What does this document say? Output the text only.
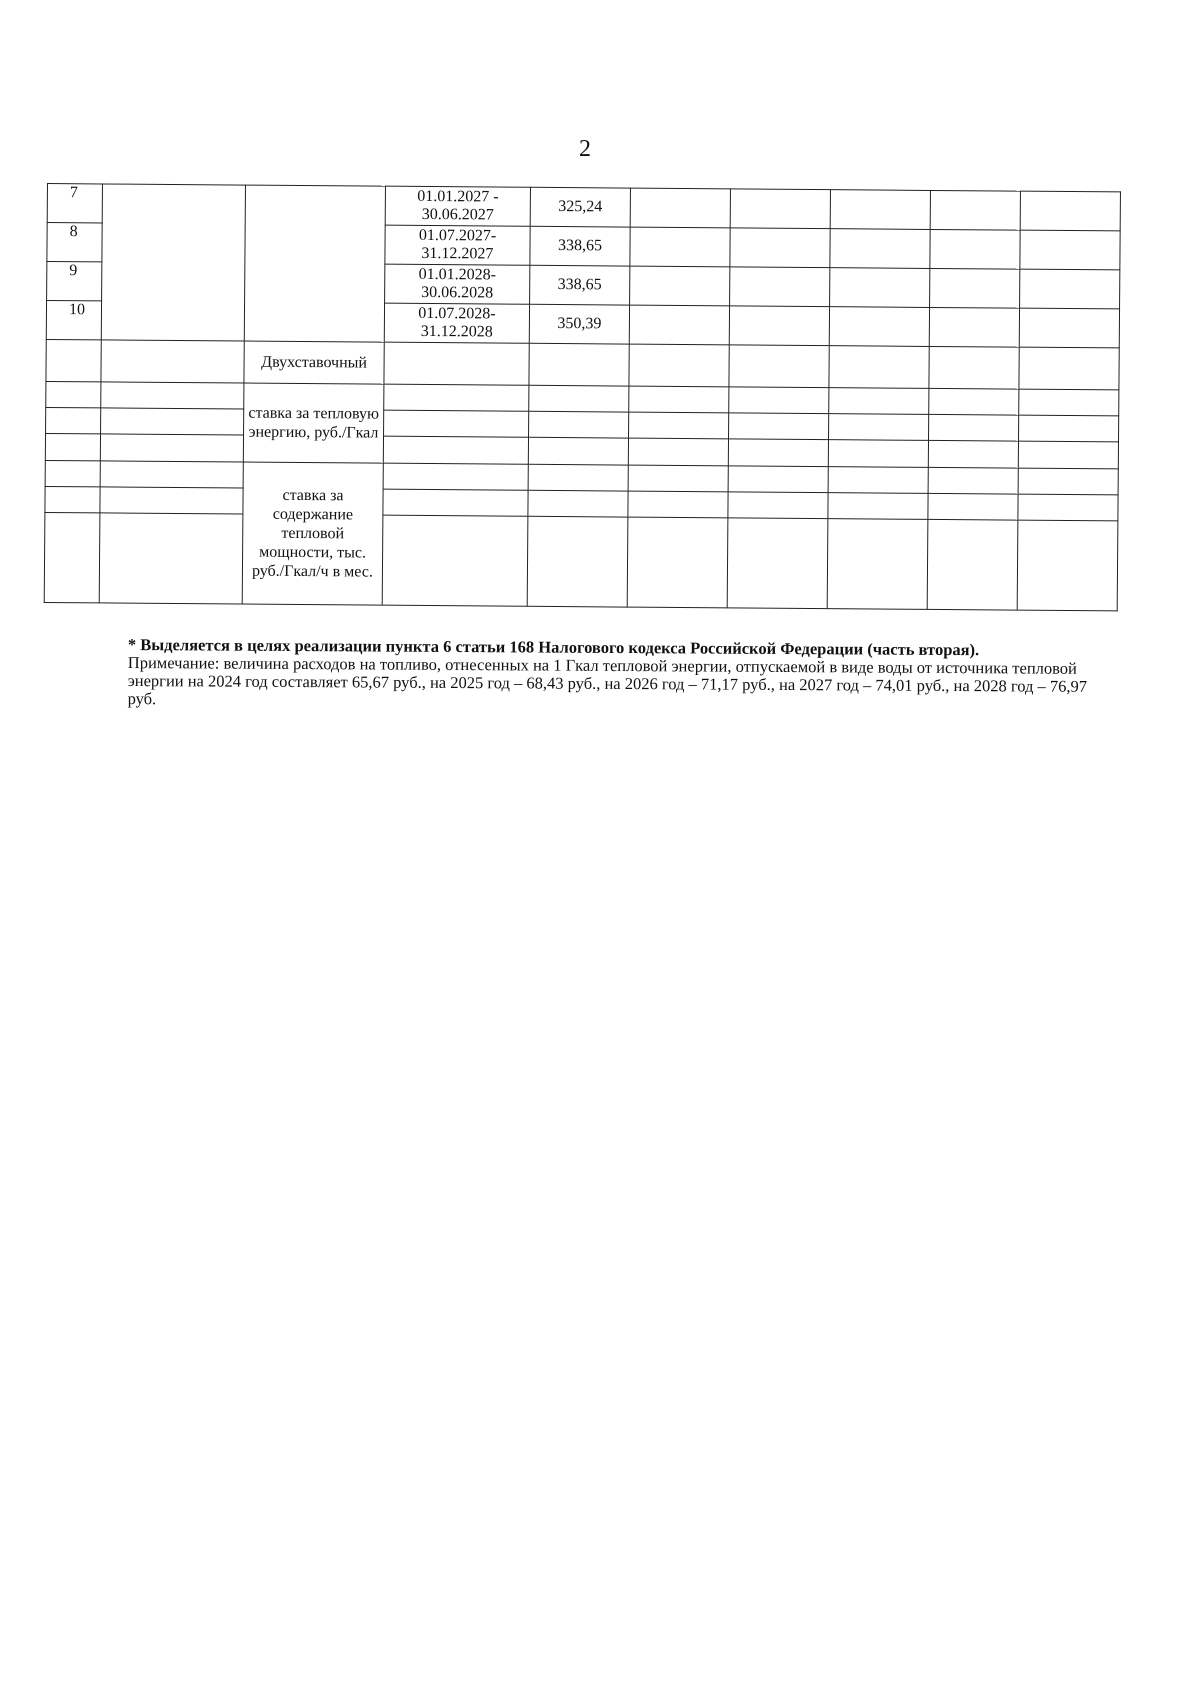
2
7			01.01.2027 - 30.06.2027	325,24					
8			01.07.2027- 31.12.2027	338,65					
9			01.01.2028- 30.06.2028	338,65					
10			01.07.2028- 31.12.2028	350,39					
		Двухставочный							
		ставка за тепловую энергию, руб./Гкал							

		ставка за содержание тепловой мощности, тыс. руб./Гкал/ч в мес.							

* Выделяется в целях реализации пункта 6 статьи 168 Налогового кодекса Российской Федерации (часть вторая).

Примечание: величина расходов на топливо, отнесенных на 1 Гкал тепловой энергии, отпускаемой в виде воды от источника тепловой энергии на 2024 год составляет 65,67 руб., на 2025 год – 68,43 руб., на 2026 год – 71,17 руб., на 2027 год – 74,01 руб., на 2028 год – 76,97 руб.
